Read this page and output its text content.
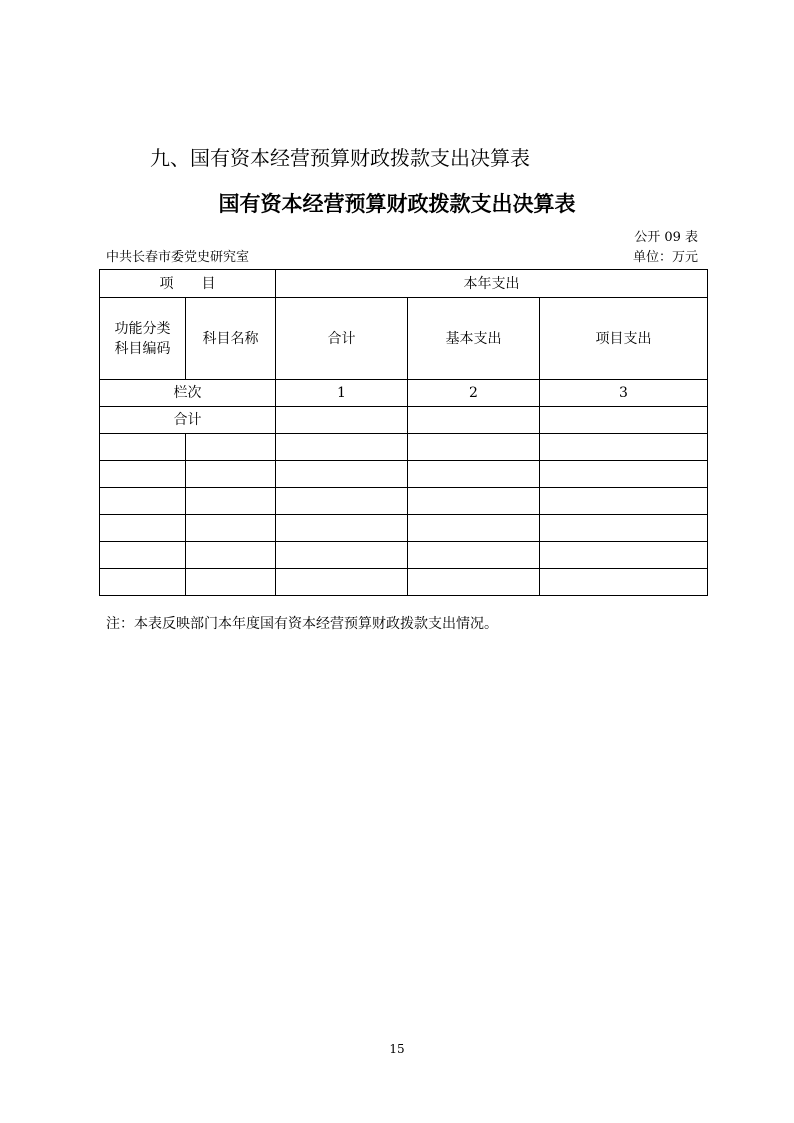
九、国有资本经营预算财政拨款支出决算表
国有资本经营预算财政拨款支出决算表
公开 09 表
中共长春市委党史研究室	单位：万元
项　　目		本年支出		

功能分类
科目编码	科目名称	合计	基本支出	项目支出
栏次		1	2	3
合计				

注：本表反映部门本年度国有资本经营预算财政拨款支出情况。
15
